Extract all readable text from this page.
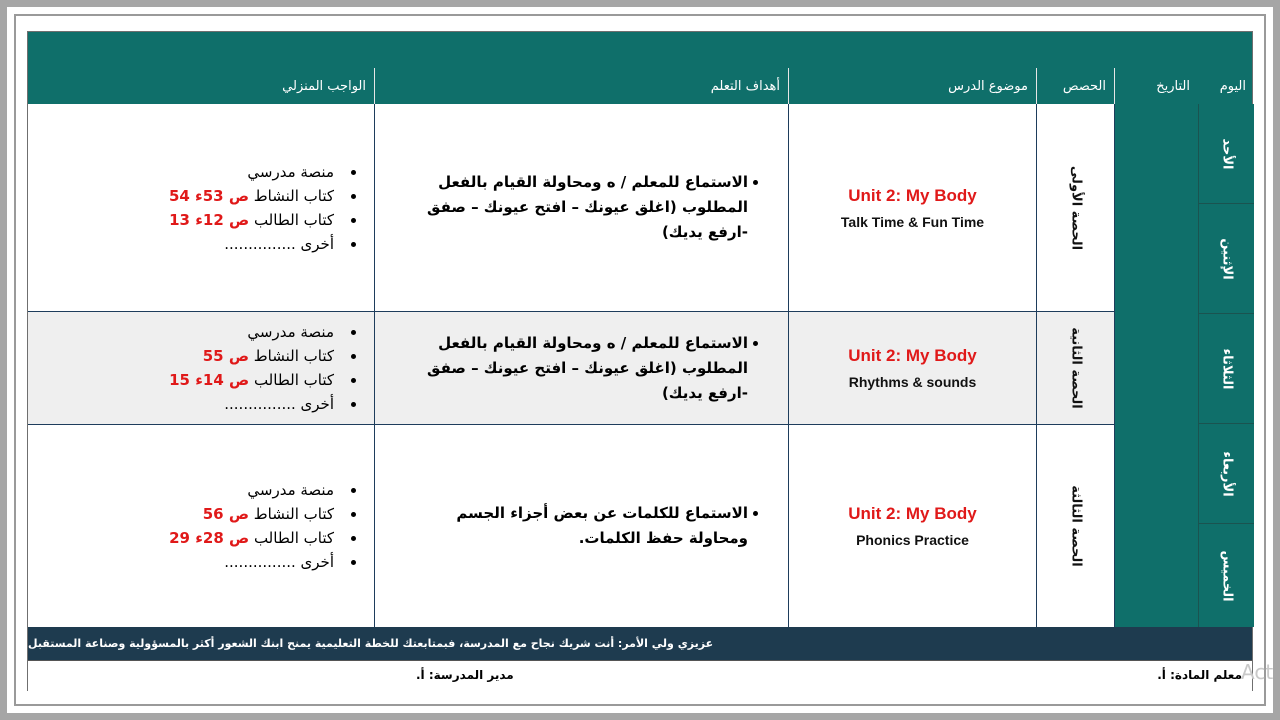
اليوم
التاريخ
الحصص
موضوع الدرس
أهداف التعلم
الواجب المنزلي
الأحد
الإثنين
الثلاثاء
الأربعاء
الخميس
الحصة الأولى
Unit 2: My Body
Talk Time & Fun Time
الاستماع للمعلم / ه ومحاولة القيام بالفعل المطلوب (اغلق عيونك – افتح عيونك – صفق -ارفع يديك)
منصة مدرسي
كتاب النشاط ص 53ء 54
كتاب الطالب ص 12ء 13
أخرى ...............
الحصة الثانية
Unit 2: My Body
Rhythms & sounds
الاستماع للمعلم / ه ومحاولة القيام بالفعل المطلوب (اغلق عيونك – افتح عيونك – صفق -ارفع يديك)
منصة مدرسي
كتاب النشاط ص 55
كتاب الطالب ص 14ء 15
أخرى ...............
الحصة الثالثة
Unit 2: My Body
Phonics Practice
الاستماع للكلمات عن بعض أجزاء الجسم ومحاولة حفظ الكلمات.
منصة مدرسي
كتاب النشاط ص 56
كتاب الطالب ص 28ء 29
أخرى ...............
عزيزي ولي الأمر: أنت شريك نجاح مع المدرسة، فبمتابعتك للخطة التعليمية يمنح ابنك الشعور أكثر بالمسؤولية وصناعة المستقبل
معلم المادة: أ.
مدير المدرسة: أ.	Act
